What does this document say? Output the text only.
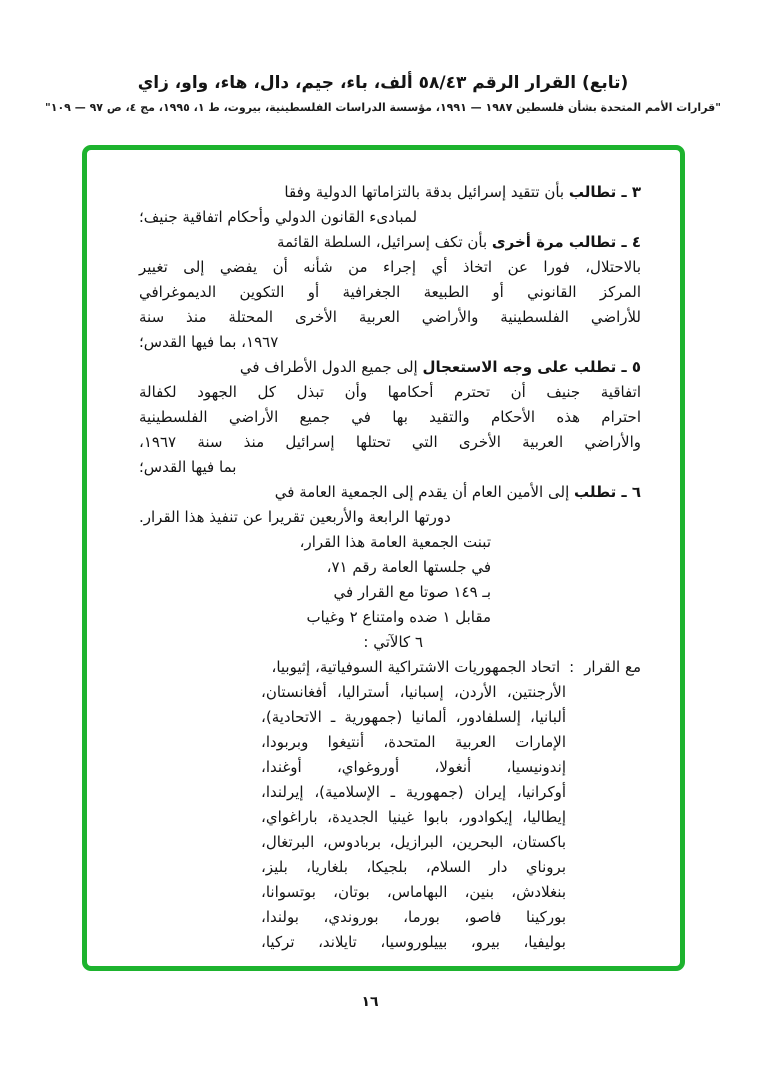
(تابع) القرار الرقم ٥٨/٤٣ ألف، باء، جيم، دال، هاء، واو، زاي
"قرارات الأمم المتحدة بشأن فلسطين ١٩٨٧ — ١٩٩١، مؤسسة الدراسات الفلسطينية، بيروت، ط ١، ١٩٩٥، مج ٤، ص ٩٧ — ١٠٩"
٣ ـ تطالب بأن تتقيد إسرائيل بدقة بالتزاماتها الدولية وفقا
لمبادىء القانون الدولي وأحكام اتفاقية جنيف؛
٤ ـ تطالب مرة أخرى بأن تكف إسرائيل، السلطة القائمة
بالاحتلال، فورا عن اتخاذ أي إجراء من شأنه أن يفضي إلى تغيير
المركز القانوني أو الطبيعة الجغرافية أو التكوين الديموغرافي
للأراضي الفلسطينية والأراضي العربية الأخرى المحتلة منذ سنة
١٩٦٧، بما فيها القدس؛
٥ ـ تطلب على وجه الاستعجال إلى جميع الدول الأطراف في
اتفاقية جنيف أن تحترم أحكامها وأن تبذل كل الجهود لكفالة
احترام هذه الأحكام والتقيد بها في جميع الأراضي الفلسطينية
والأراضي العربية الأخرى التي تحتلها إسرائيل منذ سنة ١٩٦٧،
بما فيها القدس؛
٦ ـ تطلب إلى الأمين العام أن يقدم إلى الجمعية العامة في
دورتها الرابعة والأربعين تقريرا عن تنفيذ هذا القرار.
تبنت الجمعية العامة هذا القرار،
في جلستها العامة رقم ٧١،
بـ ١٤٩ صوتا مع القرار في
مقابل ١ ضده وامتناع ٢ وغياب
٦ كالآتي :
مع القرار:اتحاد الجمهوريات الاشتراكية السوفياتية، إثيوبيا،
الأرجنتين، الأردن، إسبانيا، أستراليا، أفغانستان،
ألبانيا، إلسلفادور، ألمانيا (جمهورية ـ الاتحادية)،
الإمارات العربية المتحدة، أنتيغوا وبربودا،
إندونيسيا، أنغولا، أوروغواي، أوغندا،
أوكرانيا، إيران (جمهورية ـ الإسلامية)، إيرلندا،
إيطاليا، إيكوادور، بابوا غينيا الجديدة، باراغواي،
باكستان، البحرين، البرازيل، بربادوس، البرتغال،
بروناي دار السلام، بلجيكا، بلغاريا، بليز،
بنغلادش، بنين، البهاماس، بوتان، بوتسوانا،
بوركينا فاصو، بورما، بوروندي، بولندا،
بوليفيا، بيرو، بييلوروسيا، تايلاند، تركيا،
١٦
